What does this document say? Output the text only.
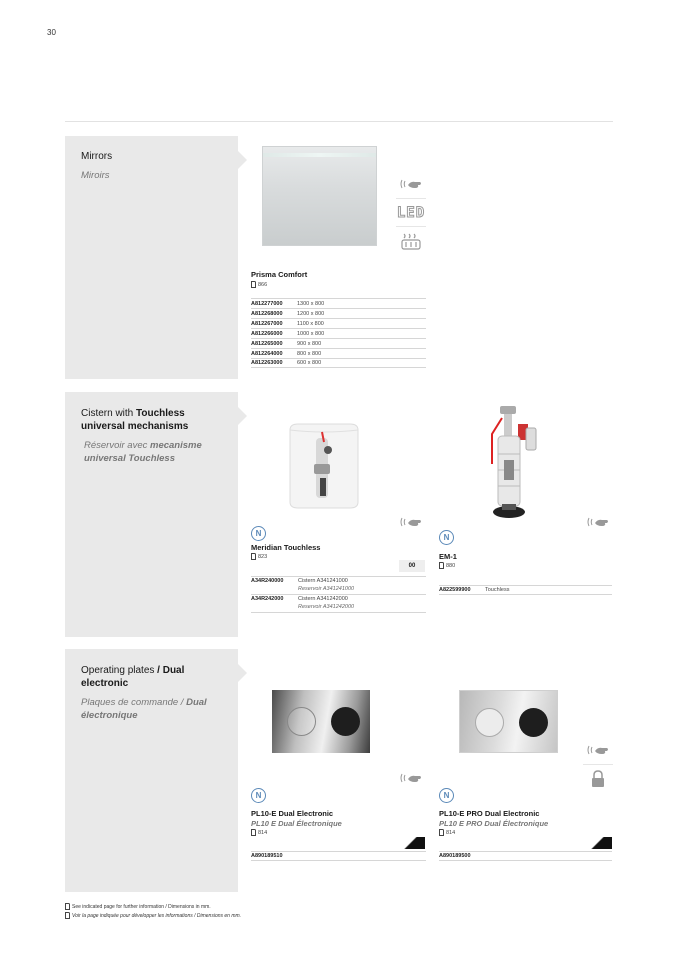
30
Mirrors
Miroirs
LED
Prisma Comfort
866
A812277000	1300 x 800
A812268000	1200 x 800
A812267000	1100 x 800
A812266000	1000 x 800
A812265000	900 x 800
A812264000	800 x 800
A812263000	600 x 800
Cistern with Touchless universal mechanisms
Réservoir avec mecanisme universal Touchless
N	N
Meridian Touchless
823
00
A34R240000	Cistern A341241000
Reservoir A341241000
A34R242000	Cistern A341242000
Reservoir A341242000
EM-1
880
A822599900	Touchless
Operating plates / Dual electronic
Plaques de commande / Dual électronique
N	N
PL10-E Dual Electronic
PL10 E Dual Électronique
814
A890189510
PL10-E PRO Dual Electronic
PL10 E PRO Dual Électronique
814
A890189500
See indicated page for further information / Dimensions in mm.
Voir la page indiquée pour développer les informations / Dimensions en mm.
